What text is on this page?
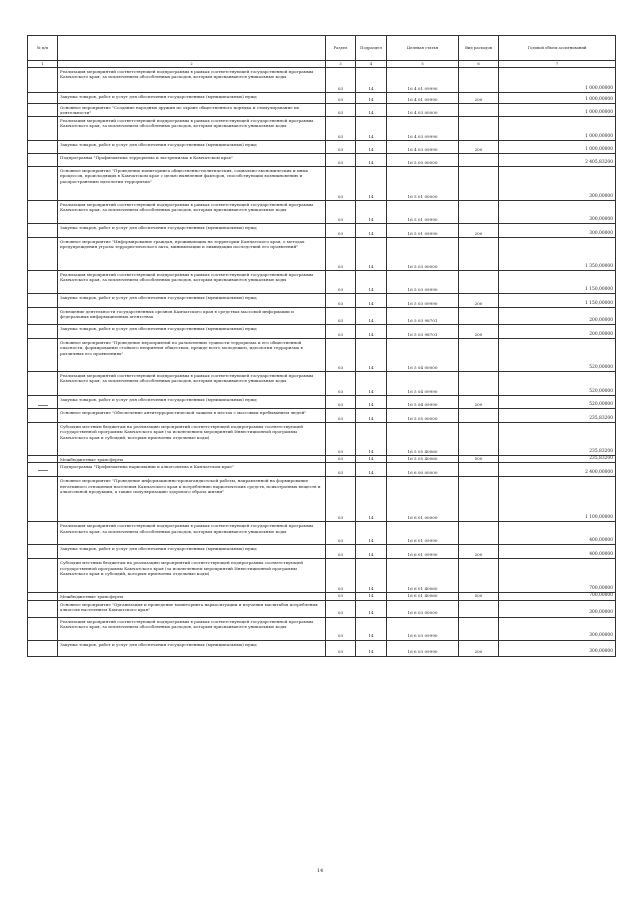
№ п/п		Раздел	Подраздел	Целевая статья	Вид расходов	Годовой объем ассигнований
1	2	3	4	5	6	7
	Реализация мероприятий соответствующей подпрограммы в рамках соответствующей государственной программы Камчатского края, за исключением обособленных расходов, которым присваиваются уникальные коды	03	14	16 4 01 09990		1 000,00000
	Закупка товаров, работ и услуг для обеспечения государственных (муниципальных) нужд	03	14	16 4 01 09990	200	1 000,00000
	Основное мероприятие "Создание народных дружин по охране общественного порядка и стимулирование их деятельности"	03	14	16 4 03 00000		1 000,00000
	Реализация мероприятий соответствующей подпрограммы в рамках соответствующей государственной программы Камчатского края, за исключением обособленных расходов, которым присваиваются уникальные коды	03	14	16 4 03 09990		1 000,00000
	Закупка товаров, работ и услуг для обеспечения государственных (муниципальных) нужд	03	14	16 4 03 09990	200	1 000,00000
	Подпрограмма "Профилактика терроризма и экстремизма в Камчатском крае"	03	14	16 5 00 00000		2 405,83200
	Основное мероприятие "Проведение мониторинга общественно-политических, социально-экономических и иных процессов, происходящих в Камчатском крае с целью выявления факторов, способствующих возникновению и распространению идеологии терроризма"	03	14	16 5 01 00000		300,00000
	Реализация мероприятий соответствующей подпрограммы в рамках соответствующей государственной программы Камчатского края, за исключением обособленных расходов, которым присваиваются уникальные коды	03	14	16 5 01 09990		300,00000
	Закупка товаров, работ и услуг для обеспечения государственных (муниципальных) нужд	03	14	16 5 01 09990	200	300,00000
	Основное мероприятие "Информирование граждан, проживающих на территории Камчатского края, о методах предупреждения угрозы террористического акта, минимизации и ликвидации последствий его проявлений"	03	14	16 5 03 00000		1 350,00000
	Реализация мероприятий соответствующей подпрограммы в рамках соответствующей государственной программы Камчатского края, за исключением обособленных расходов, которым присваиваются уникальные коды	03	14	16 5 03 09990		1 150,00000
	Закупка товаров, работ и услуг для обеспечения государственных (муниципальных) нужд	03	14	16 5 03 09990	200	1 150,00000
	Освещение деятельности государственных органов Камчатского края в средствах массовой информации и федеральных информационных агентствах	03	14	16 5 03 98701		200,00000
	Закупка товаров, работ и услуг для обеспечения государственных (муниципальных) нужд	03	14	16 5 03 98701	200	200,00000
	Основное мероприятие "Проведение мероприятий по разъяснению сущности терроризма и его общественной опасности, формированию стойкого неприятия обществом, прежде всего молодежью, идеологии терроризма в различных его проявлениях"	03	14	16 5 04 00000		520,00000
	Реализация мероприятий соответствующей подпрограммы в рамках соответствующей государственной программы Камчатского края, за исключением обособленных расходов, которым присваиваются уникальные коды	03	14	16 5 04 09990		520,00000
	Закупка товаров, работ и услуг для обеспечения государственных (муниципальных) нужд	03	14	16 5 04 09990	200	520,00000
	Основное мероприятие "Обеспечение антитеррористической защиты в местах с массовым пребыванием людей"	03	14	16 5 05 00000		235,83200
	Субсидии местным бюджетам на реализацию мероприятий соответствующей подпрограммы соответствующей государственной программы Камчатского края (за исключением мероприятий Инвестиционной программы Камчатского края и субсидий, которым присвоены отдельные коды)	03	14	16 5 05 40060		235,83200
	Межбюджетные трансферты	03	14	16 5 05 40060	500	235,83200
	Подпрограмма "Профилактика наркомании и алкоголизма в Камчатском крае"	03	14	16 6 00 00000		2 400,00000
	Основное мероприятие "Проведение информационно-пропагандистской работы, направленной на формирование негативного отношения населения Камчатского края к потреблению наркотических средств, психотропных веществ и алкогольной продукции, а также популяризацию здорового образа жизни"	03	14	16 6 01 00000		1 100,00000
	Реализация мероприятий соответствующей подпрограммы в рамках соответствующей государственной программы Камчатского края, за исключением обособленных расходов, которым присваиваются уникальные коды	03	14	16 6 01 09990		400,00000
	Закупка товаров, работ и услуг для обеспечения государственных (муниципальных) нужд	03	14	16 6 01 09990	200	400,00000
	Субсидии местным бюджетам на реализацию мероприятий соответствующей подпрограммы соответствующей государственной программы Камчатского края (за исключением мероприятий Инвестиционной программы Камчатского края и субсидий, которым присвоены отдельные коды)	03	14	16 6 01 40060		700,00000
	Межбюджетные трансферты	03	14	16 6 01 40060	500	700,00000
	Основное мероприятие "Организация и проведение мониторинга наркоситуации и изучения масштабов потребления алкоголя населением Камчатского края"	03	14	16 6 03 00000		300,00000
	Реализация мероприятий соответствующей подпрограммы в рамках соответствующей государственной программы Камчатского края, за исключением обособленных расходов, которым присваиваются уникальные коды	03	14	16 6 03 09990		300,00000
	Закупка товаров, работ и услуг для обеспечения государственных (муниципальных) нужд	03	14	16 6 03 09990	200	300,00000
14
